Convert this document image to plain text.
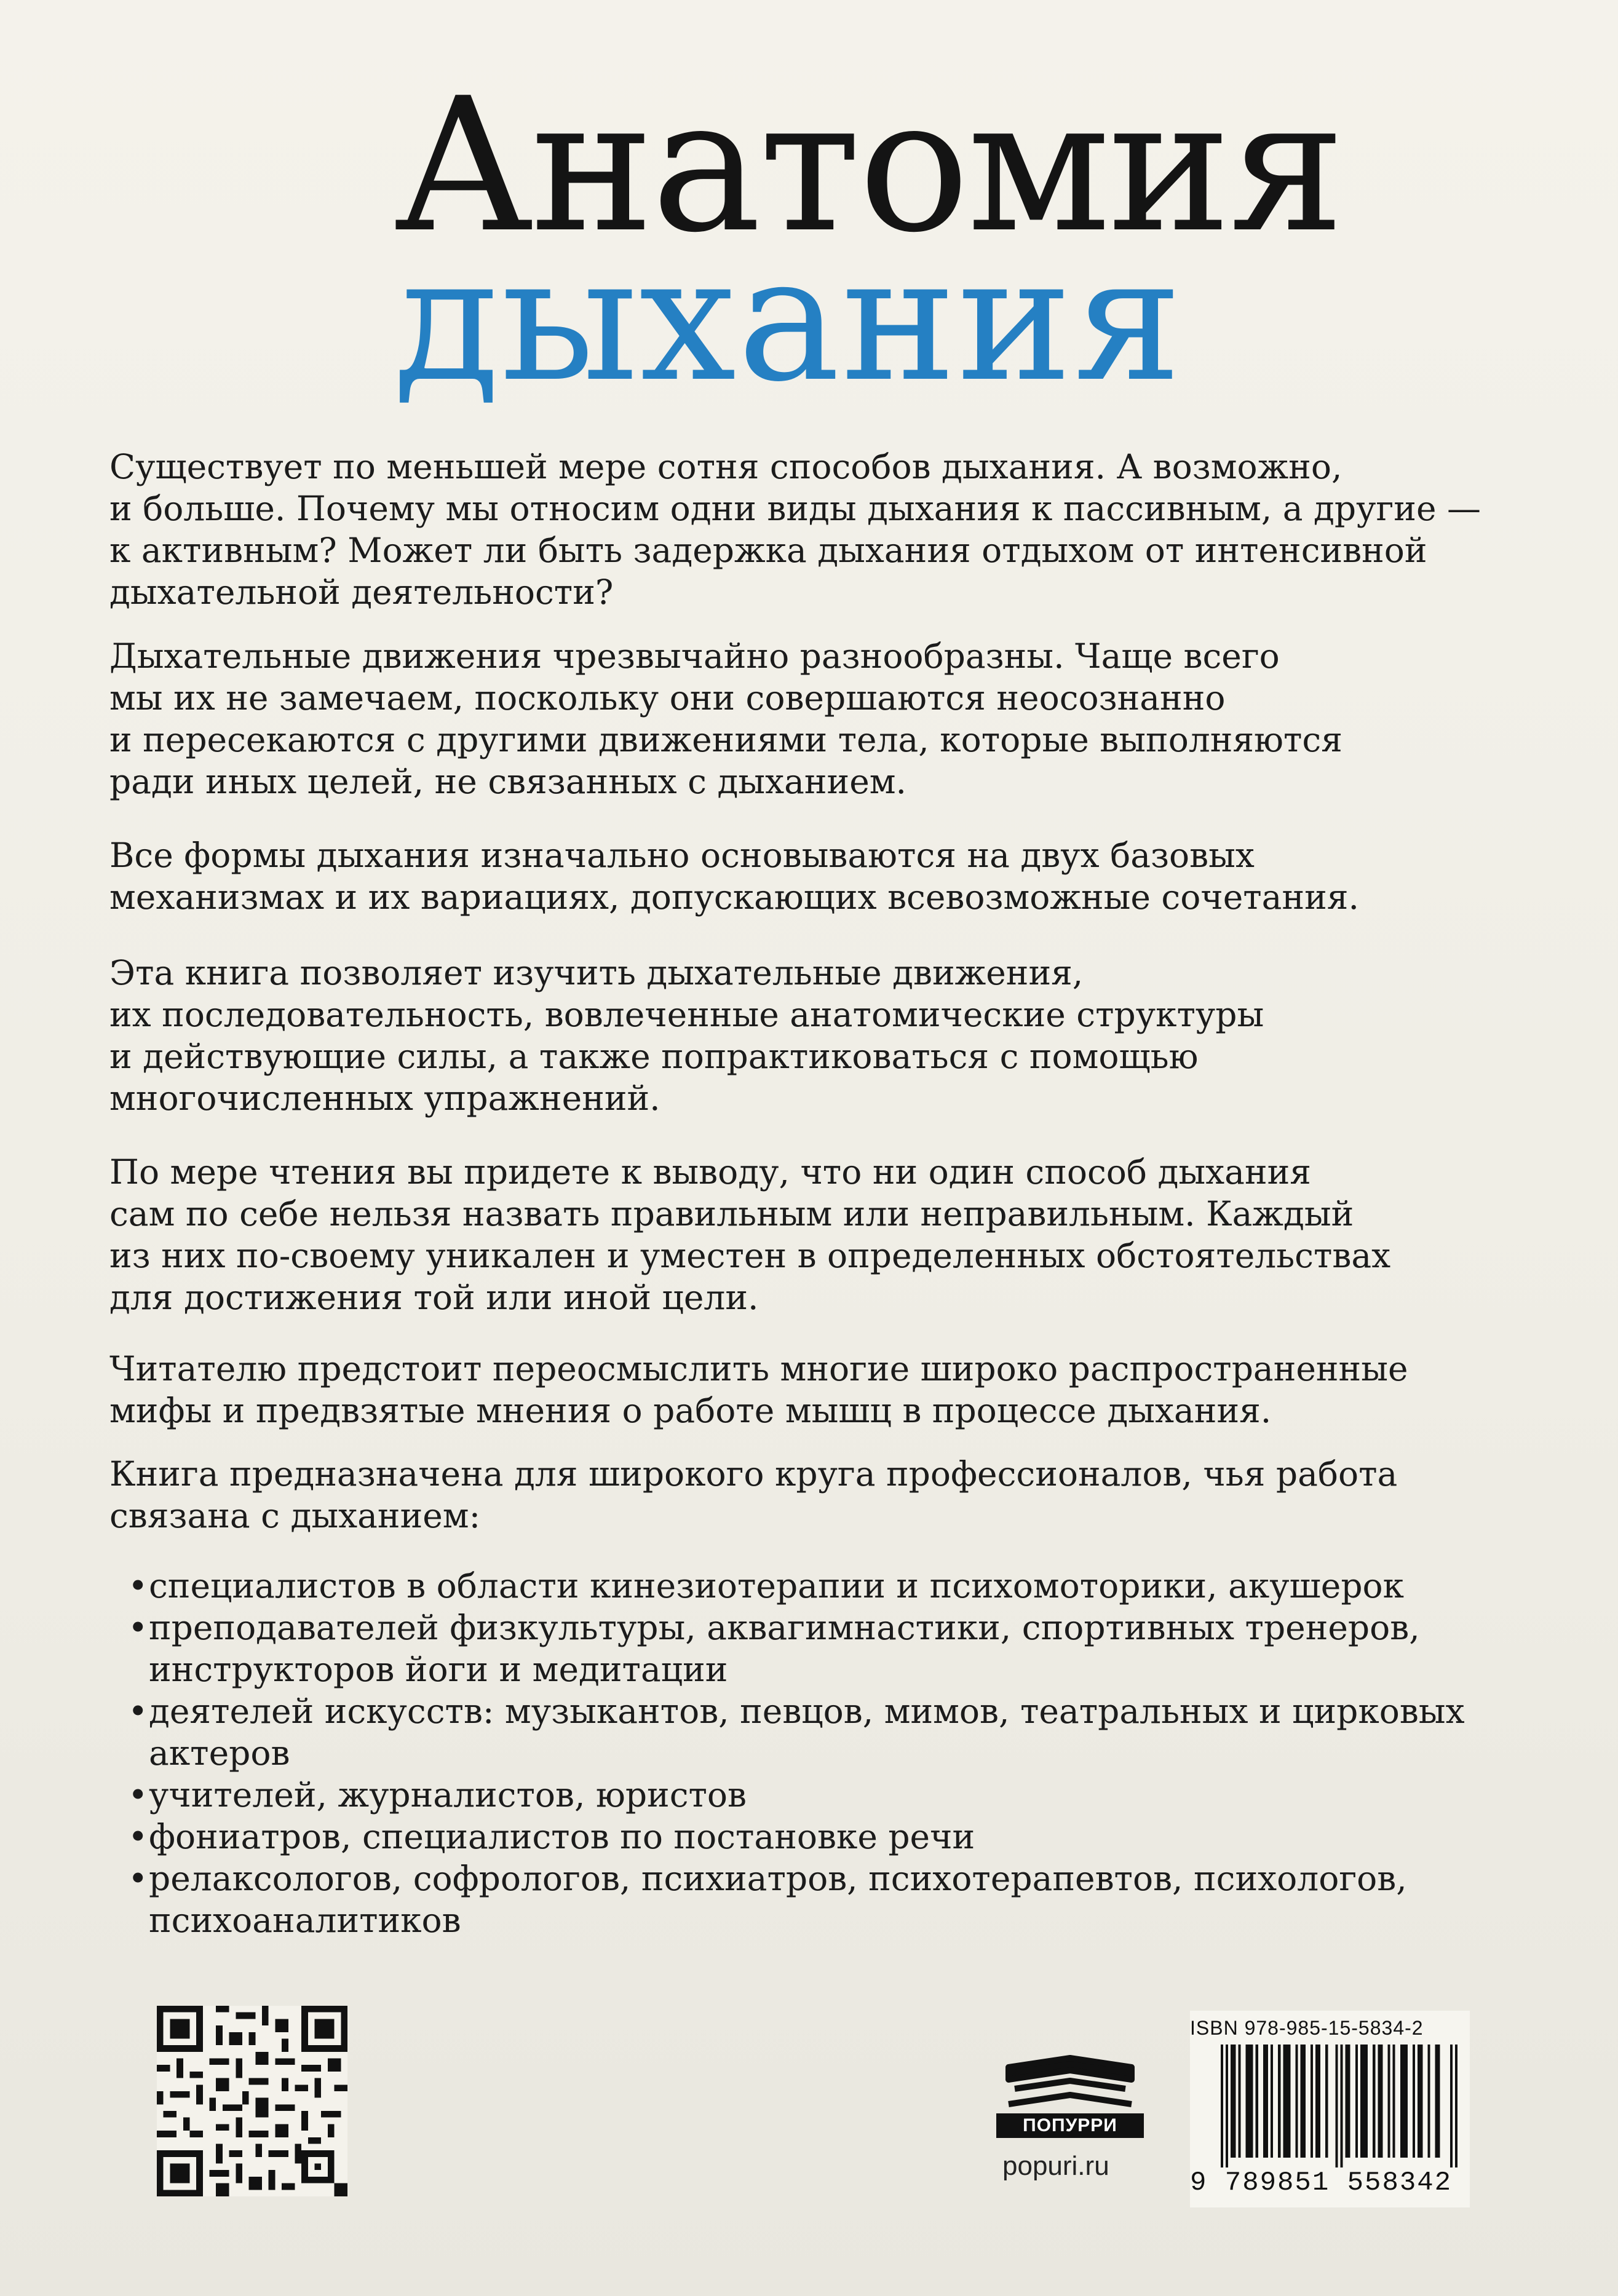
Анатомия
дыхания

Существует по меньшей мере сотня способов дыхания. А возможно,
и больше. Почему мы относим одни виды дыхания к пассивным, а другие —
к активным? Может ли быть задержка дыхания отдыхом от интенсивной
дыхательной деятельности?

Дыхательные движения чрезвычайно разнообразны. Чаще всего
мы их не замечаем, поскольку они совершаются неосознанно
и пересекаются с другими движениями тела, которые выполняются
ради иных целей, не связанных с дыханием.

Все формы дыхания изначально основываются на двух базовых
механизмах и их вариациях, допускающих всевозможные сочетания.

Эта книга позволяет изучить дыхательные движения,
их последовательность, вовлеченные анатомические структуры
и действующие силы, а также попрактиковаться с помощью
многочисленных упражнений.

По мере чтения вы придете к выводу, что ни один способ дыхания
сам по себе нельзя назвать правильным или неправильным. Каждый
из них по-своему уникален и уместен в определенных обстоятельствах
для достижения той или иной цели.

Читателю предстоит переосмыслить многие широко распространенные
мифы и предвзятые мнения о работе мышц в процессе дыхания.

Книга предназначена для широкого круга профессионалов, чья работа
связана с дыханием:

• специалистов в области кинезиотерапии и психомоторики, акушерок
• преподавателей физкультуры, аквагимнастики, спортивных тренеров,
инструкторов йоги и медитации
• деятелей искусств: музыкантов, певцов, мимов, театральных и цирковых
актеров
• учителей, журналистов, юристов
• фониатров, специалистов по постановке речи
• релаксологов, софрологов, психиатров, психотерапевтов, психологов,
психоаналитиков
ПОПУРРИ
popuri.ru
ISBN 978-985-15-5834-2
9 789851 558342
